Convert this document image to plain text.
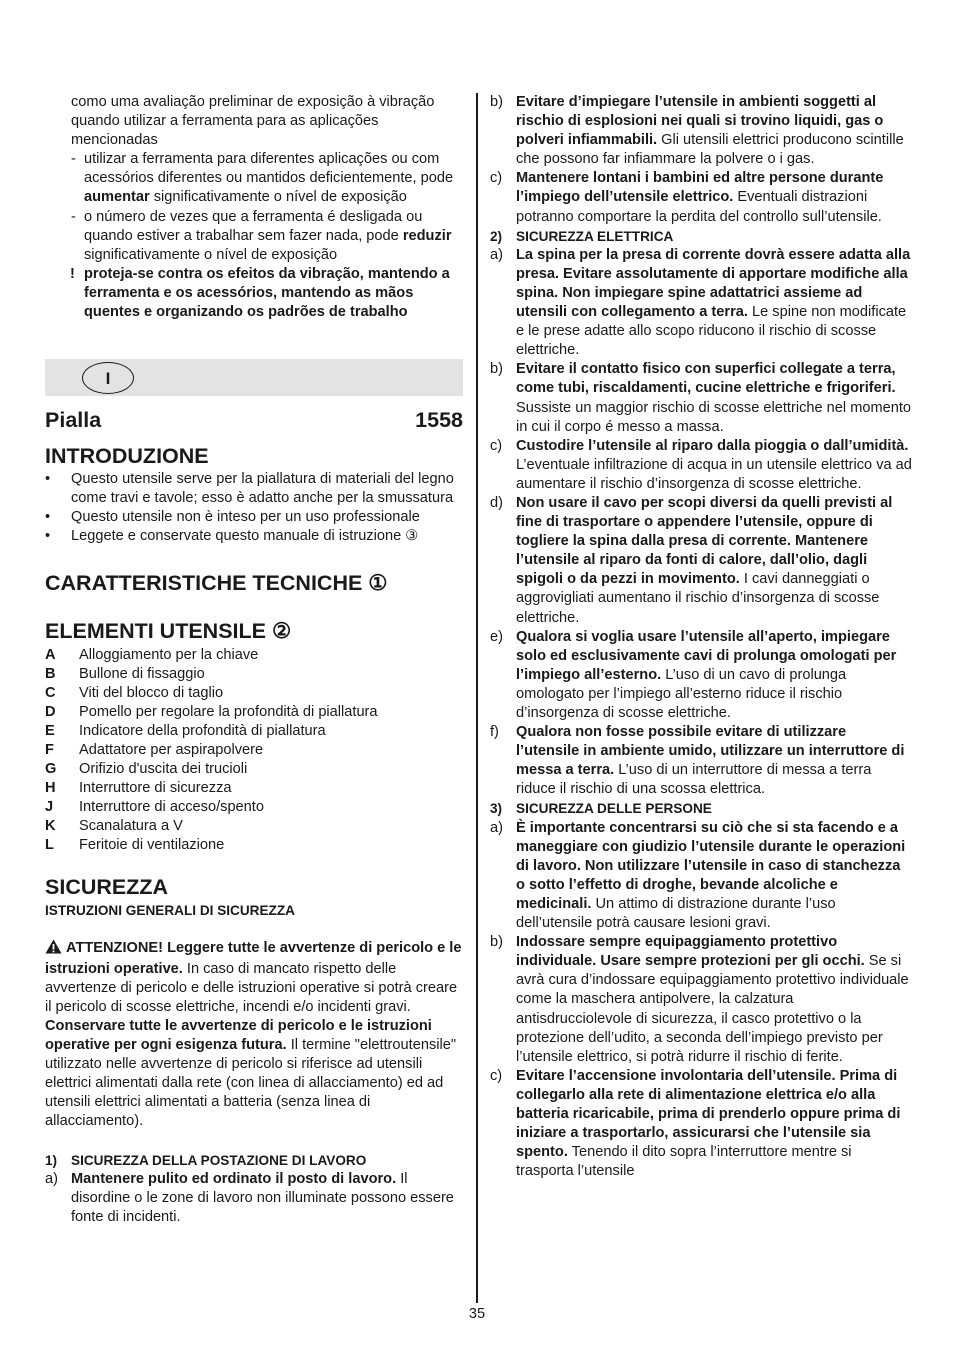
como uma avaliação preliminar de exposição à vibração quando utilizar a ferramenta para as aplicações mencionadas

- utilizar a ferramenta para diferentes aplicações ou com acessórios diferentes ou mantidos deficientemente, pode aumentar significativamente o nível de exposição

- o número de vezes que a ferramenta é desligada ou quando estiver a trabalhar sem fazer nada, pode reduzir significativamente o nível de exposição

! proteja-se contra os efeitos da vibração, mantendo a ferramenta e os acessórios, mantendo as mãos quentes e organizando os padrões de trabalho

I
Pialla	1558
INTRODUZIONE

• Questo utensile serve per la piallatura di materiali del legno come travi e tavole; esso è adatto anche per la smussatura

• Questo utensile non è inteso per un uso professionale

• Leggete e conservate questo manuale di istruzione ③

CARATTERISTICHE TECNICHE ①
ELEMENTI UTENSILE ②

A Alloggiamento per la chiave

B Bullone di fissaggio

C Viti del blocco di taglio

D Pomello per regolare la profondità di piallatura

E Indicatore della profondità di piallatura

F Adattatore per aspirapolvere

G Orifizio d'uscita dei trucioli

H Interruttore di sicurezza

J Interruttore di acceso/spento

K Scanalatura a V

L Feritoie di ventilazione

SICUREZZA

ISTRUZIONI GENERALI DI SICUREZZA

ATTENZIONE! Leggere tutte le avvertenze di pericolo e le istruzioni operative. In caso di mancato rispetto delle avvertenze di pericolo e delle istruzioni operative si potrà creare il pericolo di scosse elettriche, incendi e/o incidenti gravi. Conservare tutte le avvertenze di pericolo e le istruzioni operative per ogni esigenza futura. Il termine "elettroutensile" utilizzato nelle avvertenze di pericolo si riferisce ad utensili elettrici alimentati dalla rete (con linea di allacciamento) ed ad utensili elettrici alimentati a batteria (senza linea di allacciamento).

1) SICUREZZA DELLA POSTAZIONE DI LAVORO

a) Mantenere pulito ed ordinato il posto di lavoro. Il disordine o le zone di lavoro non illuminate possono essere fonte di incidenti.

b) Evitare d’impiegare l’utensile in ambienti soggetti al rischio di esplosioni nei quali si trovino liquidi, gas o polveri infiammabili. Gli utensili elettrici producono scintille che possono far infiammare la polvere o i gas.

c) Mantenere lontani i bambini ed altre persone durante l’impiego dell’utensile elettrico. Eventuali distrazioni potranno comportare la perdita del controllo sull’utensile.

2) SICUREZZA ELETTRICA

a) La spina per la presa di corrente dovrà essere adatta alla presa. Evitare assolutamente di apportare modifiche alla spina. Non impiegare spine adattatrici assieme ad utensili con collegamento a terra. Le spine non modificate e le prese adatte allo scopo riducono il rischio di scosse elettriche.

b) Evitare il contatto fisico con superfici collegate a terra, come tubi, riscaldamenti, cucine elettriche e frigoriferi. Sussiste un maggior rischio di scosse elettriche nel momento in cui il corpo é messo a massa.

c) Custodire l’utensile al riparo dalla pioggia o dall’umidità. L’eventuale infiltrazione di acqua in un utensile elettrico va ad aumentare il rischio d’insorgenza di scosse elettriche.

d) Non usare il cavo per scopi diversi da quelli previsti al fine di trasportare o appendere l’utensile, oppure di togliere la spina dalla presa di corrente. Mantenere l’utensile al riparo da fonti di calore, dall’olio, dagli spigoli o da pezzi in movimento. I cavi danneggiati o aggrovigliati aumentano il rischio d’insorgenza di scosse elettriche.

e) Qualora si voglia usare l’utensile all’aperto, impiegare solo ed esclusivamente cavi di prolunga omologati per l’impiego all’esterno. L’uso di un cavo di prolunga omologato per l’impiego all’esterno riduce il rischio d’insorgenza di scosse elettriche.

f) Qualora non fosse possibile evitare di utilizzare l’utensile in ambiente umido, utilizzare un interruttore di messa a terra. L’uso di un interruttore di messa a terra riduce il rischio di una scossa elettrica.

3) SICUREZZA DELLE PERSONE

a) È importante concentrarsi su ciò che si sta facendo e a maneggiare con giudizio l’utensile durante le operazioni di lavoro. Non utilizzare l’utensile in caso di stanchezza o sotto l’effetto di droghe, bevande alcoliche e medicinali. Un attimo di distrazione durante l’uso dell’utensile potrà causare lesioni gravi.

b) Indossare sempre equipaggiamento protettivo individuale. Usare sempre protezioni per gli occhi. Se si avrà cura d’indossare equipaggiamento protettivo individuale come la maschera antipolvere, la calzatura antisdrucciolevole di sicurezza, il casco protettivo o la protezione dell’udito, a seconda dell’impiego previsto per l’utensile elettrico, si potrà ridurre il rischio di ferite.

c) Evitare l’accensione involontaria dell’utensile. Prima di collegarlo alla rete di alimentazione elettrica e/o alla batteria ricaricabile, prima di prenderlo oppure prima di iniziare a trasportarlo, assicurarsi che l’utensile sia spento. Tenendo il dito sopra l’interruttore mentre si trasporta l’utensile

35
